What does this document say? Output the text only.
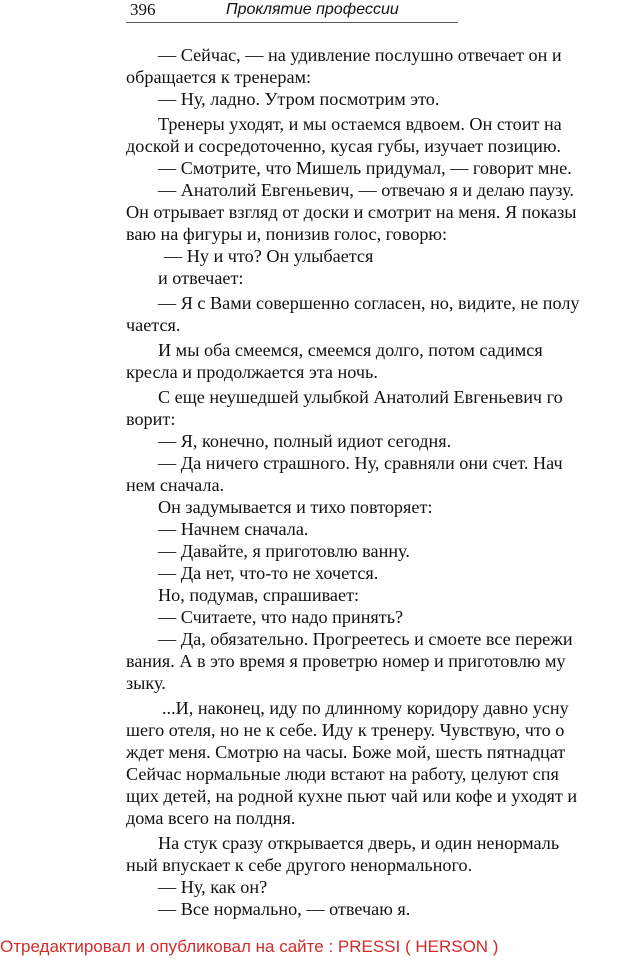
396	Проклятие профессии
— Сейчас, — на удивление послушно отвечает он и
обращается к тренерам:
— Ну, ладно. Утром посмотрим это.
Тренеры уходят, и мы остаемся вдвоем. Он стоит на
доской и сосредоточенно, кусая губы, изучает позицию.
— Смотрите, что Мишель придумал, — говорит мне.
— Анатолий Евгеньевич, — отвечаю я и делаю паузу.
Он отрывает взгляд от доски и смотрит на меня. Я показы
ваю на фигуры и, понизив голос, говорю:
— Ну и что? Он улыбается
и отвечает:
— Я с Вами совершенно согласен, но, видите, не полу
чается.
И мы оба смеемся, смеемся долго, потом садимся
кресла и продолжается эта ночь.
С еще неушедшей улыбкой Анатолий Евгеньевич го
ворит:
— Я, конечно, полный идиот сегодня.
— Да ничего страшного. Ну, сравняли они счет. Нач
нем сначала.
Он задумывается и тихо повторяет:
— Начнем сначала.
— Давайте, я приготовлю ванну.
— Да нет, что-то не хочется.
Но, подумав, спрашивает:
— Считаете, что надо принять?
— Да, обязательно. Прогреетесь и смоете все пережи
вания. А в это время я проветрю номер и приготовлю му
зыку.
...И, наконец, иду по длинному коридору давно усну
шего отеля, но не к себе. Иду к тренеру. Чувствую, что о
ждет меня. Смотрю на часы. Боже мой, шесть пятнадцат
Сейчас нормальные люди встают на работу, целуют спя
щих детей, на родной кухне пьют чай или кофе и уходят и
дома всего на полдня.
На стук сразу открывается дверь, и один ненормаль
ный впускает к себе другого ненормального.
— Ну, как он?
— Все нормально, — отвечаю я.
Отредактировал и опубликовал на сайте : PRESSI ( HERSON )
